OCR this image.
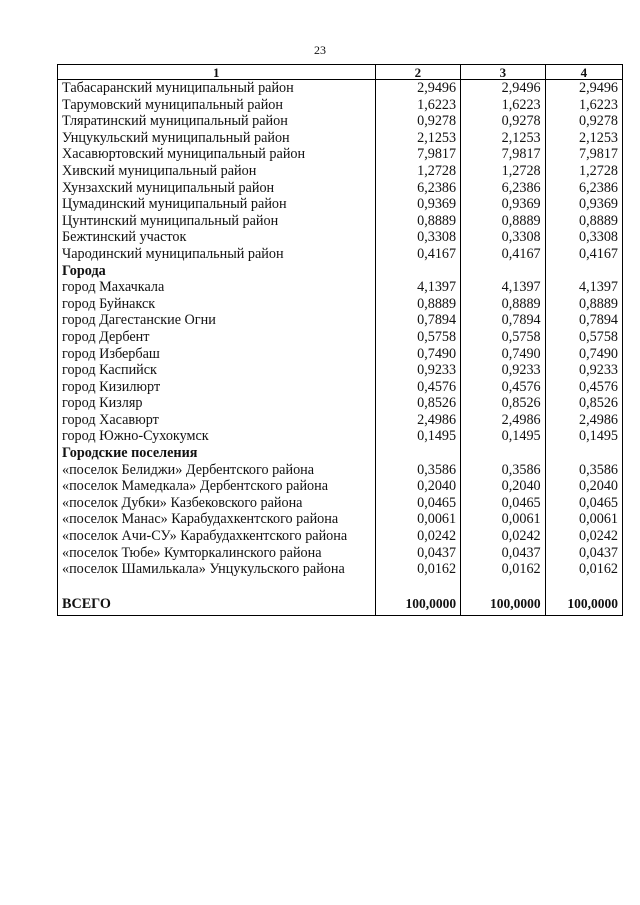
23
1	2	3	4
Табасаранский муниципальный район	2,9496	2,9496	2,9496
Тарумовский муниципальный район	1,6223	1,6223	1,6223
Тляратинский муниципальный район	0,9278	0,9278	0,9278
Унцукульский муниципальный район	2,1253	2,1253	2,1253
Хасавюртовский муниципальный район	7,9817	7,9817	7,9817
Хивский муниципальный район	1,2728	1,2728	1,2728
Хунзахский муниципальный район	6,2386	6,2386	6,2386
Цумадинский муниципальный район	0,9369	0,9369	0,9369
Цунтинский муниципальный район	0,8889	0,8889	0,8889
Бежтинский участок	0,3308	0,3308	0,3308
Чародинский муниципальный район	0,4167	0,4167	0,4167
Города			
город Махачкала	4,1397	4,1397	4,1397
город Буйнакск	0,8889	0,8889	0,8889
город Дагестанские Огни	0,7894	0,7894	0,7894
город Дербент	0,5758	0,5758	0,5758
город Избербаш	0,7490	0,7490	0,7490
город Каспийск	0,9233	0,9233	0,9233
город Кизилюрт	0,4576	0,4576	0,4576
город Кизляр	0,8526	0,8526	0,8526
город Хасавюрт	2,4986	2,4986	2,4986
город Южно-Сухокумск	0,1495	0,1495	0,1495
Городские поселения			
«поселок Белиджи» Дербентского района	0,3586	0,3586	0,3586
«поселок Мамедкала» Дербентского района	0,2040	0,2040	0,2040
«поселок Дубки» Казбековского района	0,0465	0,0465	0,0465
«поселок Манас» Карабудахкентского района	0,0061	0,0061	0,0061
«поселок Ачи-СУ» Карабудахкентского района	0,0242	0,0242	0,0242
«поселок Тюбе» Кумторкалинского района	0,0437	0,0437	0,0437
«поселок Шамилькала» Унцукульского района	0,0162	0,0162	0,0162
ВСЕГО	100,0000	100,0000	100,0000
